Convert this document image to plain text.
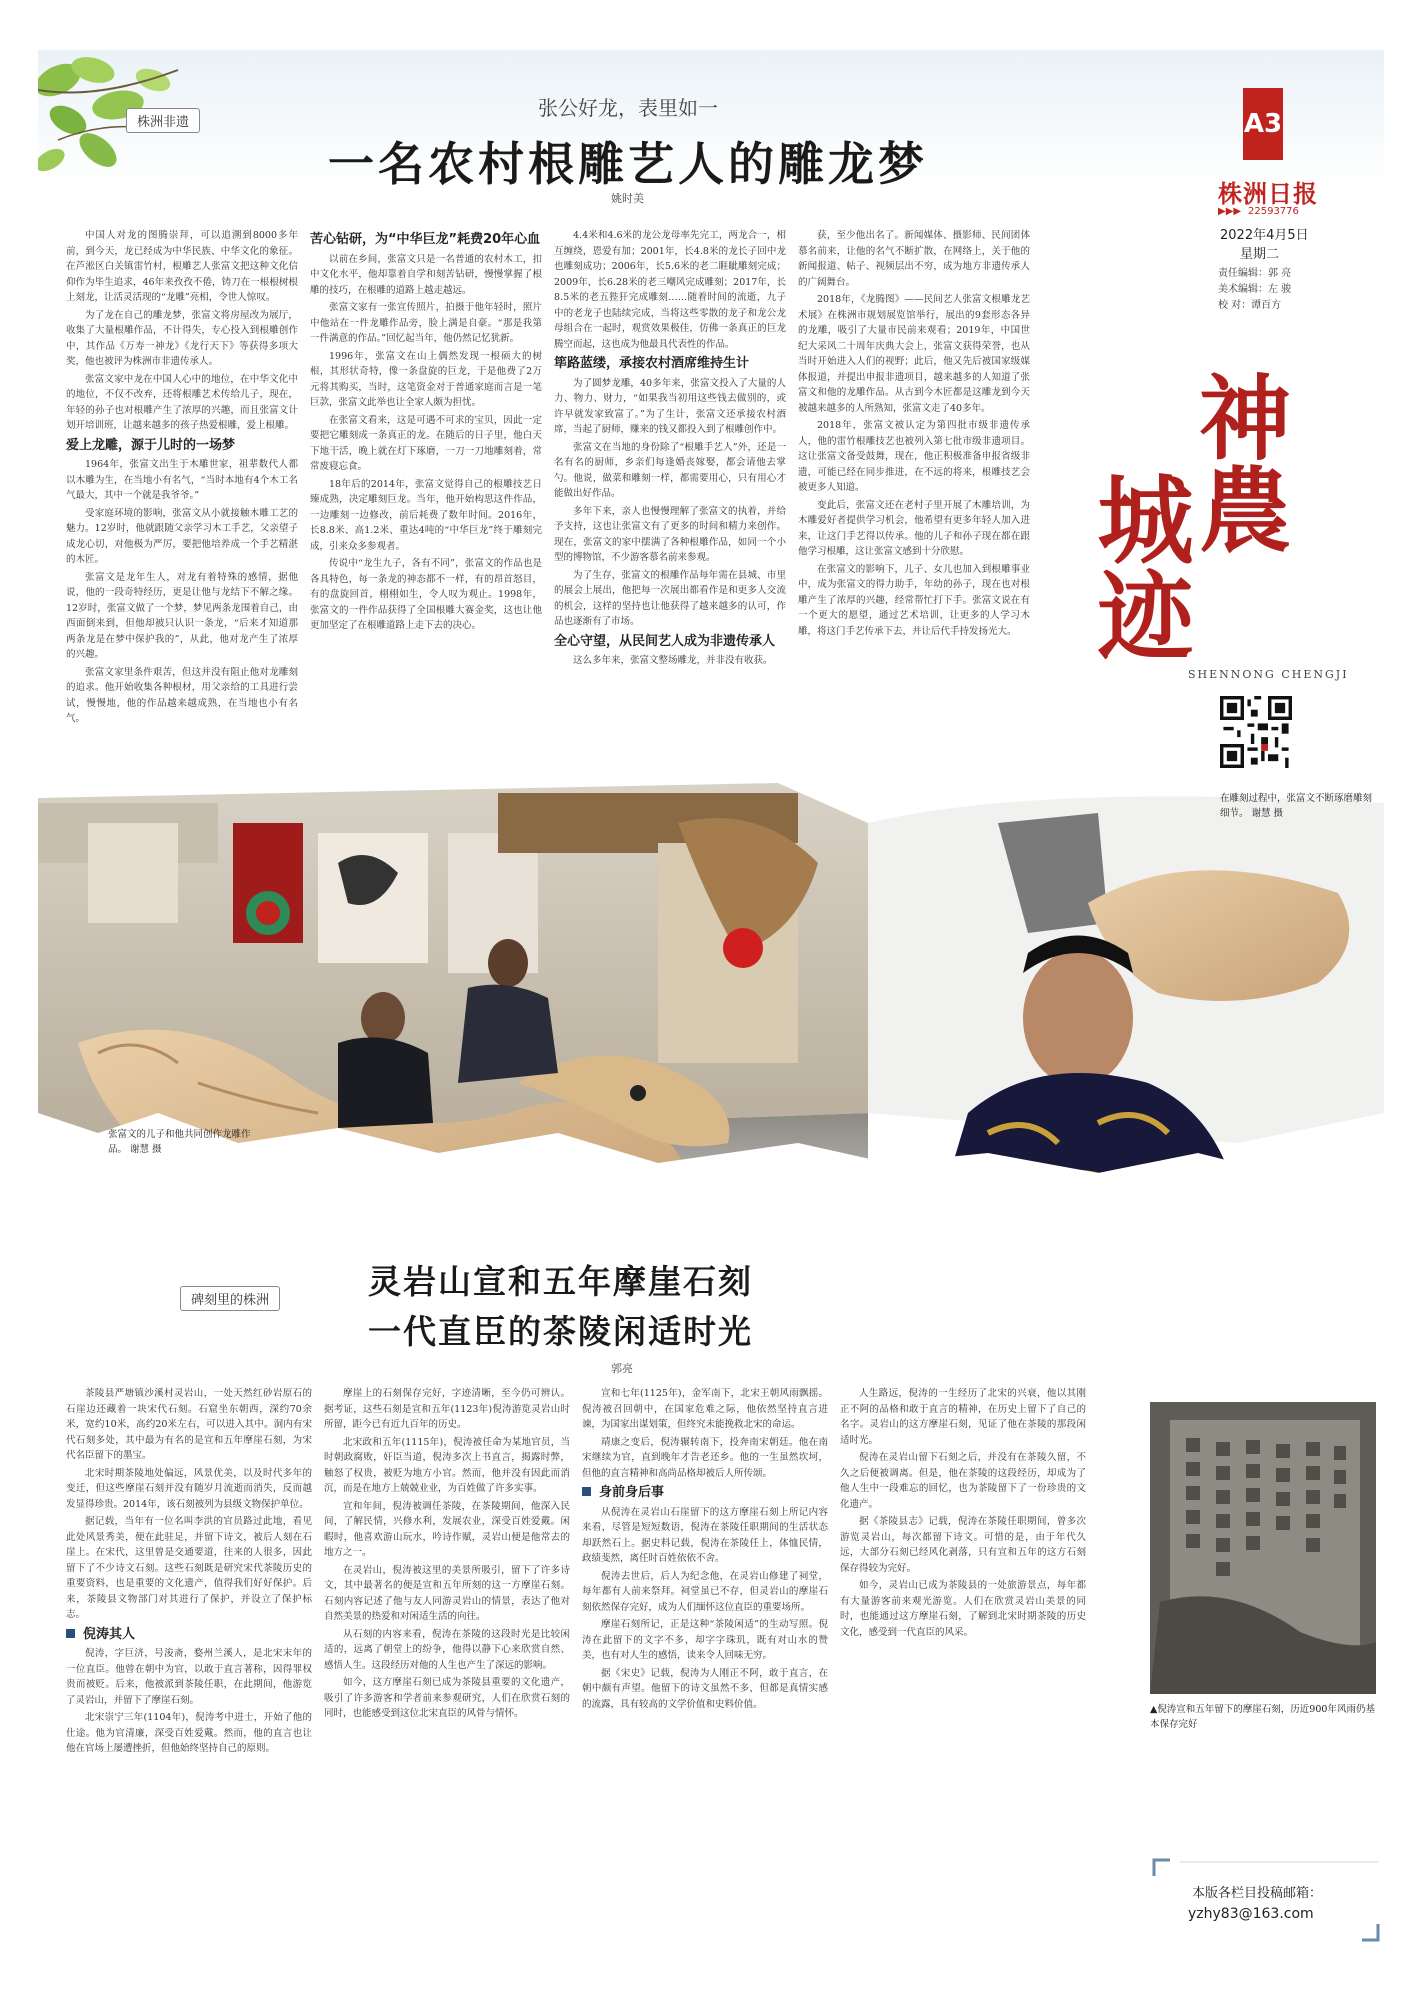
株洲非遗
张公好龙，表里如一
一名农村根雕艺人的雕龙梦
姚时美
A3
株洲日报
▶▶▶ 22593776
2022年4月5日
星期二
责任编辑：郭 亮
美术编辑：左 骏
校 对：谭百方
神農
城迹
SHENNONG CHENGJI

中国人对龙的图腾崇拜，可以追溯到8000多年前，到今天，龙已经成为中华民族、中华文化的象征。在芦淞区白关镇雷竹村，根雕艺人张富文把这种文化信仰作为毕生追求，46年来孜孜不倦，铸刀在一根根树根上刻龙，让活灵活现的“龙雕”亮相，令世人惊叹。

为了龙在自己的雕龙梦，张富文将房屋改为展厅，收集了大量根雕作品，不计得失，专心投入到根雕创作中，其作品《万寿一神龙》《龙行天下》等获得多项大奖，他也被评为株洲市非遗传承人。

张富文家中龙在中国人心中的地位，在中华文化中的地位，不仅不改弃，还将根雕艺术传给儿子，现在，年轻的孙子也对根雕产生了浓厚的兴趣，而且张富文计划开培训班，让越来越多的孩子热爱根雕，爱上根雕。

爱上龙雕，源于儿时的一场梦

1964年，张富文出生于木雕世家，祖辈数代人都以木雕为生，在当地小有名气，“当时本地有4个木工名气最大，其中一个就是我爷爷。”

受家庭环境的影响，张富文从小就接触木雕工艺的魅力。12岁时，他就跟随父亲学习木工手艺，父亲望子成龙心切，对他极为严厉，要把他培养成一个手艺精湛的木匠。

张富文是龙年生人，对龙有着特殊的感情，据他说，他的一段奇特经历，更是让他与龙结下不解之缘。12岁时，张富文做了一个梦，梦见两条龙围着自己，由西面倒来到，但他却被只认识一条龙，“后来才知道那两条龙是在梦中保护我的”，从此，他对龙产生了浓厚的兴趣。

张富文家里条件艰苦，但这并没有阻止他对龙雕刻的追求。他开始收集各种根材，用父亲给的工具进行尝试，慢慢地，他的作品越来越成熟，在当地也小有名气。

苦心钻研，为“中华巨龙”耗费20年心血

以前在乡间，张富文只是一名普通的农村木工，扣中文化水平，他却靠着自学和刻苦钻研，慢慢掌握了根雕的技巧，在根雕的道路上越走越远。

张富文家有一张宣传照片，拍摄于他年轻时，照片中他站在一件龙雕作品旁，脸上满是自豪。“那是我第一件满意的作品。”回忆起当年，他仍然记忆犹新。

1996年，张富文在山上偶然发现一根硕大的树根，其形状奇特，像一条盘旋的巨龙，于是他费了2万元将其购买，当时，这笔资金对于普通家庭而言是一笔巨款，张富文此举也让全家人颇为担忧。

在张富文看来，这是可遇不可求的宝贝，因此一定要把它雕刻成一条真正的龙。在随后的日子里，他白天下地干活，晚上就在灯下琢磨，一刀一刀地雕刻着，常常废寝忘食。

18年后的2014年，张富文觉得自己的根雕技艺日臻成熟，决定雕刻巨龙。当年，他开始构思这件作品，一边雕刻一边修改，前后耗费了数年时间。2016年，长8.8米、高1.2米、重达4吨的“中华巨龙”终于雕刻完成，引来众多参观者。

传说中“龙生九子，各有不同”，张富文的作品也是各具特色，每一条龙的神态都不一样，有的昂首怒目，有的盘旋回首，栩栩如生，令人叹为观止。1998年，张富文的一件作品获得了全国根雕大赛金奖，这也让他更加坚定了在根雕道路上走下去的决心。

4.4米和4.6米的龙公龙母率先完工，两龙合一，相互缠绕，恩爱有加；2001年，长4.8米的龙长子回中龙也雕刻成功；2006年，长5.6米的老二睚眦雕刻完成；2009年，长6.28米的老三嘲风完成雕刻；2017年，长8.5米的老五狴犴完成雕刻……随着时间的流逝，九子中的老龙子也陆续完成，当将这些零散的龙子和龙公龙母组合在一起时，观赏效果极佳，仿佛一条真正的巨龙腾空而起，这也成为他最具代表性的作品。

筚路蓝缕，承接农村酒席维持生计

为了圆梦龙雕，40多年来，张富文投入了大量的人力、物力、财力，“如果我当初用这些钱去做别的，或许早就发家致富了。”为了生计，张富文还承接农村酒席，当起了厨师，赚来的钱又都投入到了根雕创作中。

张富文在当地的身份除了“根雕手艺人”外，还是一名有名的厨师，乡亲们每逢婚丧嫁娶，都会请他去掌勺。他说，做菜和雕刻一样，都需要用心，只有用心才能做出好作品。

多年下来，亲人也慢慢理解了张富文的执着，并给予支持，这也让张富文有了更多的时间和精力来创作。现在，张富文的家中摆满了各种根雕作品，如同一个小型的博物馆，不少游客慕名前来参观。

为了生存，张富文的根雕作品每年需在县城、市里的展会上展出，他把每一次展出都看作是和更多人交流的机会，这样的坚持也让他获得了越来越多的认可，作品也逐渐有了市场。

全心守望，从民间艺人成为非遗传承人

这么多年来，张富文整场雕龙，并非没有收获。

获，至少他出名了。新闻媒体、摄影师、民间团体慕名前来，让他的名气不断扩散，在网络上，关于他的新闻报道、帖子、视频层出不穷，成为地方非遗传承人的广阔舞台。

2018年，《龙腾图》——民间艺人张富文根雕龙艺术展》在株洲市规划展览馆举行，展出的9套形态各异的龙雕，吸引了大量市民前来观看；2019年，中国世纪大采风二十周年庆典大会上，张富文获得荣誉，也从当时开始进入人们的视野；此后，他又先后被国家级媒体报道，并提出申报非遗项目，越来越多的人知道了张富文和他的龙雕作品。从古到今木匠都是这雕龙到今天被越来越多的人所熟知，张富文走了40多年。

2018年，张富文被认定为第四批市级非遗传承人，他的雷竹根雕技艺也被列入第七批市级非遗项目。这让张富文备受鼓舞，现在，他正积极准备申报省级非遗，可能已经在同步推进，在不远的将来，根雕技艺会被更多人知道。

变此后，张富文还在老村子里开展了木雕培训，为木雕爱好者提供学习机会，他希望有更多年轻人加入进来，让这门手艺得以传承。他的儿子和孙子现在都在跟他学习根雕，这让张富文感到十分欣慰。

在张富文的影响下，儿子、女儿也加入到根雕事业中，成为张富文的得力助手，年幼的孙子，现在也对根雕产生了浓厚的兴趣，经常帮忙打下手。张富文说在有一个更大的愿望，通过艺术培训，让更多的人学习木雕，将这门手艺传承下去，并让后代手持发扬光大。

在雕刻过程中，张富文不断琢磨雕刻细节。 谢慧 摄
张富文的儿子和他共同创作龙雕作品。 谢慧 摄
碑刻里的株洲	灵岩山宣和五年摩崖石刻
一代直臣的茶陵闲适时光
郭亮

茶陵县严塘镇沙溪村灵岩山，一处天然红砂岩原石的石崖边还藏着一块宋代石刻。石窟坐东朝西，深约70余米，宽约10米，高约20米左右，可以进入其中。洞内有宋代石刻多处，其中最为有名的是宣和五年摩崖石刻，为宋代名臣留下的墨宝。

北宋时期茶陵地处偏远，风景优美，以及时代多年的变迁，但这些摩崖石刻并没有随岁月流逝而消失，反而越发显得珍贵。2014年，该石刻被列为县级文物保护单位。

据记载，当年有一位名叫李洪的官员路过此地，看见此处风景秀美，便在此驻足，并留下诗文，被后人刻在石崖上。在宋代，这里曾是交通要道，往来的人很多，因此留下了不少诗文石刻。这些石刻既是研究宋代茶陵历史的重要资料，也是重要的文化遗产，值得我们好好保护。后来，茶陵县文物部门对其进行了保护，并设立了保护标志。

倪涛其人

倪涛，字巨济，号浚斋，婺州兰溪人，是北宋末年的一位直臣。他曾在朝中为官，以敢于直言著称，因得罪权贵而被贬。后来，他被派到茶陵任职，在此期间，他游览了灵岩山，并留下了摩崖石刻。

北宋崇宁三年(1104年)，倪涛考中进士，开始了他的仕途。他为官清廉，深受百姓爱戴。然而，他的直言也让他在官场上屡遭挫折，但他始终坚持自己的原则。

摩崖上的石刻保存完好，字迹清晰，至今仍可辨认。据考证，这些石刻是宣和五年(1123年)倪涛游览灵岩山时所留，距今已有近九百年的历史。

北宋政和五年(1115年)，倪涛被任命为某地官员，当时朝政腐败，奸臣当道，倪涛多次上书直言，揭露时弊，触怒了权贵，被贬为地方小官。然而，他并没有因此而消沉，而是在地方上兢兢业业，为百姓做了许多实事。

宣和年间，倪涛被调任茶陵，在茶陵期间，他深入民间，了解民情，兴修水利，发展农业，深受百姓爱戴。闲暇时，他喜欢游山玩水，吟诗作赋，灵岩山便是他常去的地方之一。

在灵岩山，倪涛被这里的美景所吸引，留下了许多诗文，其中最著名的便是宣和五年所刻的这一方摩崖石刻。石刻内容记述了他与友人同游灵岩山的情景，表达了他对自然美景的热爱和对闲适生活的向往。

从石刻的内容来看，倪涛在茶陵的这段时光是比较闲适的，远离了朝堂上的纷争，他得以静下心来欣赏自然、感悟人生。这段经历对他的人生也产生了深远的影响。

如今，这方摩崖石刻已成为茶陵县重要的文化遗产，吸引了许多游客和学者前来参观研究，人们在欣赏石刻的同时，也能感受到这位北宋直臣的风骨与情怀。

宣和七年(1125年)，金军南下，北宋王朝风雨飘摇。倪涛被召回朝中，在国家危难之际，他依然坚持直言进谏，为国家出谋划策，但终究未能挽救北宋的命运。

靖康之变后，倪涛辗转南下，投奔南宋朝廷。他在南宋继续为官，直到晚年才告老还乡。他的一生虽然坎坷，但他的直言精神和高尚品格却被后人所传颂。

身前身后事

从倪涛在灵岩山石崖留下的这方摩崖石刻上所记内容来看，尽管是短短数语，倪涛在茶陵任职期间的生活状态却跃然石上。据史料记载，倪涛在茶陵任上，体恤民情，政绩斐然，离任时百姓依依不舍。

倪涛去世后，后人为纪念他，在灵岩山修建了祠堂，每年都有人前来祭拜。祠堂虽已不存，但灵岩山的摩崖石刻依然保存完好，成为人们缅怀这位直臣的重要场所。

摩崖石刻所记，正是这种“茶陵闲适”的生动写照。倪涛在此留下的文字不多，却字字珠玑，既有对山水的赞美，也有对人生的感悟，读来令人回味无穷。

据《宋史》记载，倪涛为人刚正不阿，敢于直言，在朝中颇有声望。他留下的诗文虽然不多，但都是真情实感的流露，具有较高的文学价值和史料价值。

人生路远，倪涛的一生经历了北宋的兴衰，他以其刚正不阿的品格和敢于直言的精神，在历史上留下了自己的名字。灵岩山的这方摩崖石刻，见证了他在茶陵的那段闲适时光。

倪涛在灵岩山留下石刻之后，并没有在茶陵久留，不久之后便被调离。但是，他在茶陵的这段经历，却成为了他人生中一段难忘的回忆，也为茶陵留下了一份珍贵的文化遗产。

据《茶陵县志》记载，倪涛在茶陵任职期间，曾多次游览灵岩山，每次都留下诗文。可惜的是，由于年代久远，大部分石刻已经风化剥落，只有宣和五年的这方石刻保存得较为完好。

如今，灵岩山已成为茶陵县的一处旅游景点，每年都有大量游客前来观光游览。人们在欣赏灵岩山美景的同时，也能通过这方摩崖石刻，了解到北宋时期茶陵的历史文化，感受到一代直臣的风采。

▲倪涛宣和五年留下的摩崖石刻，历近900年风雨仍基本保存完好
本版各栏目投稿邮箱：
yzhy83@163.com
